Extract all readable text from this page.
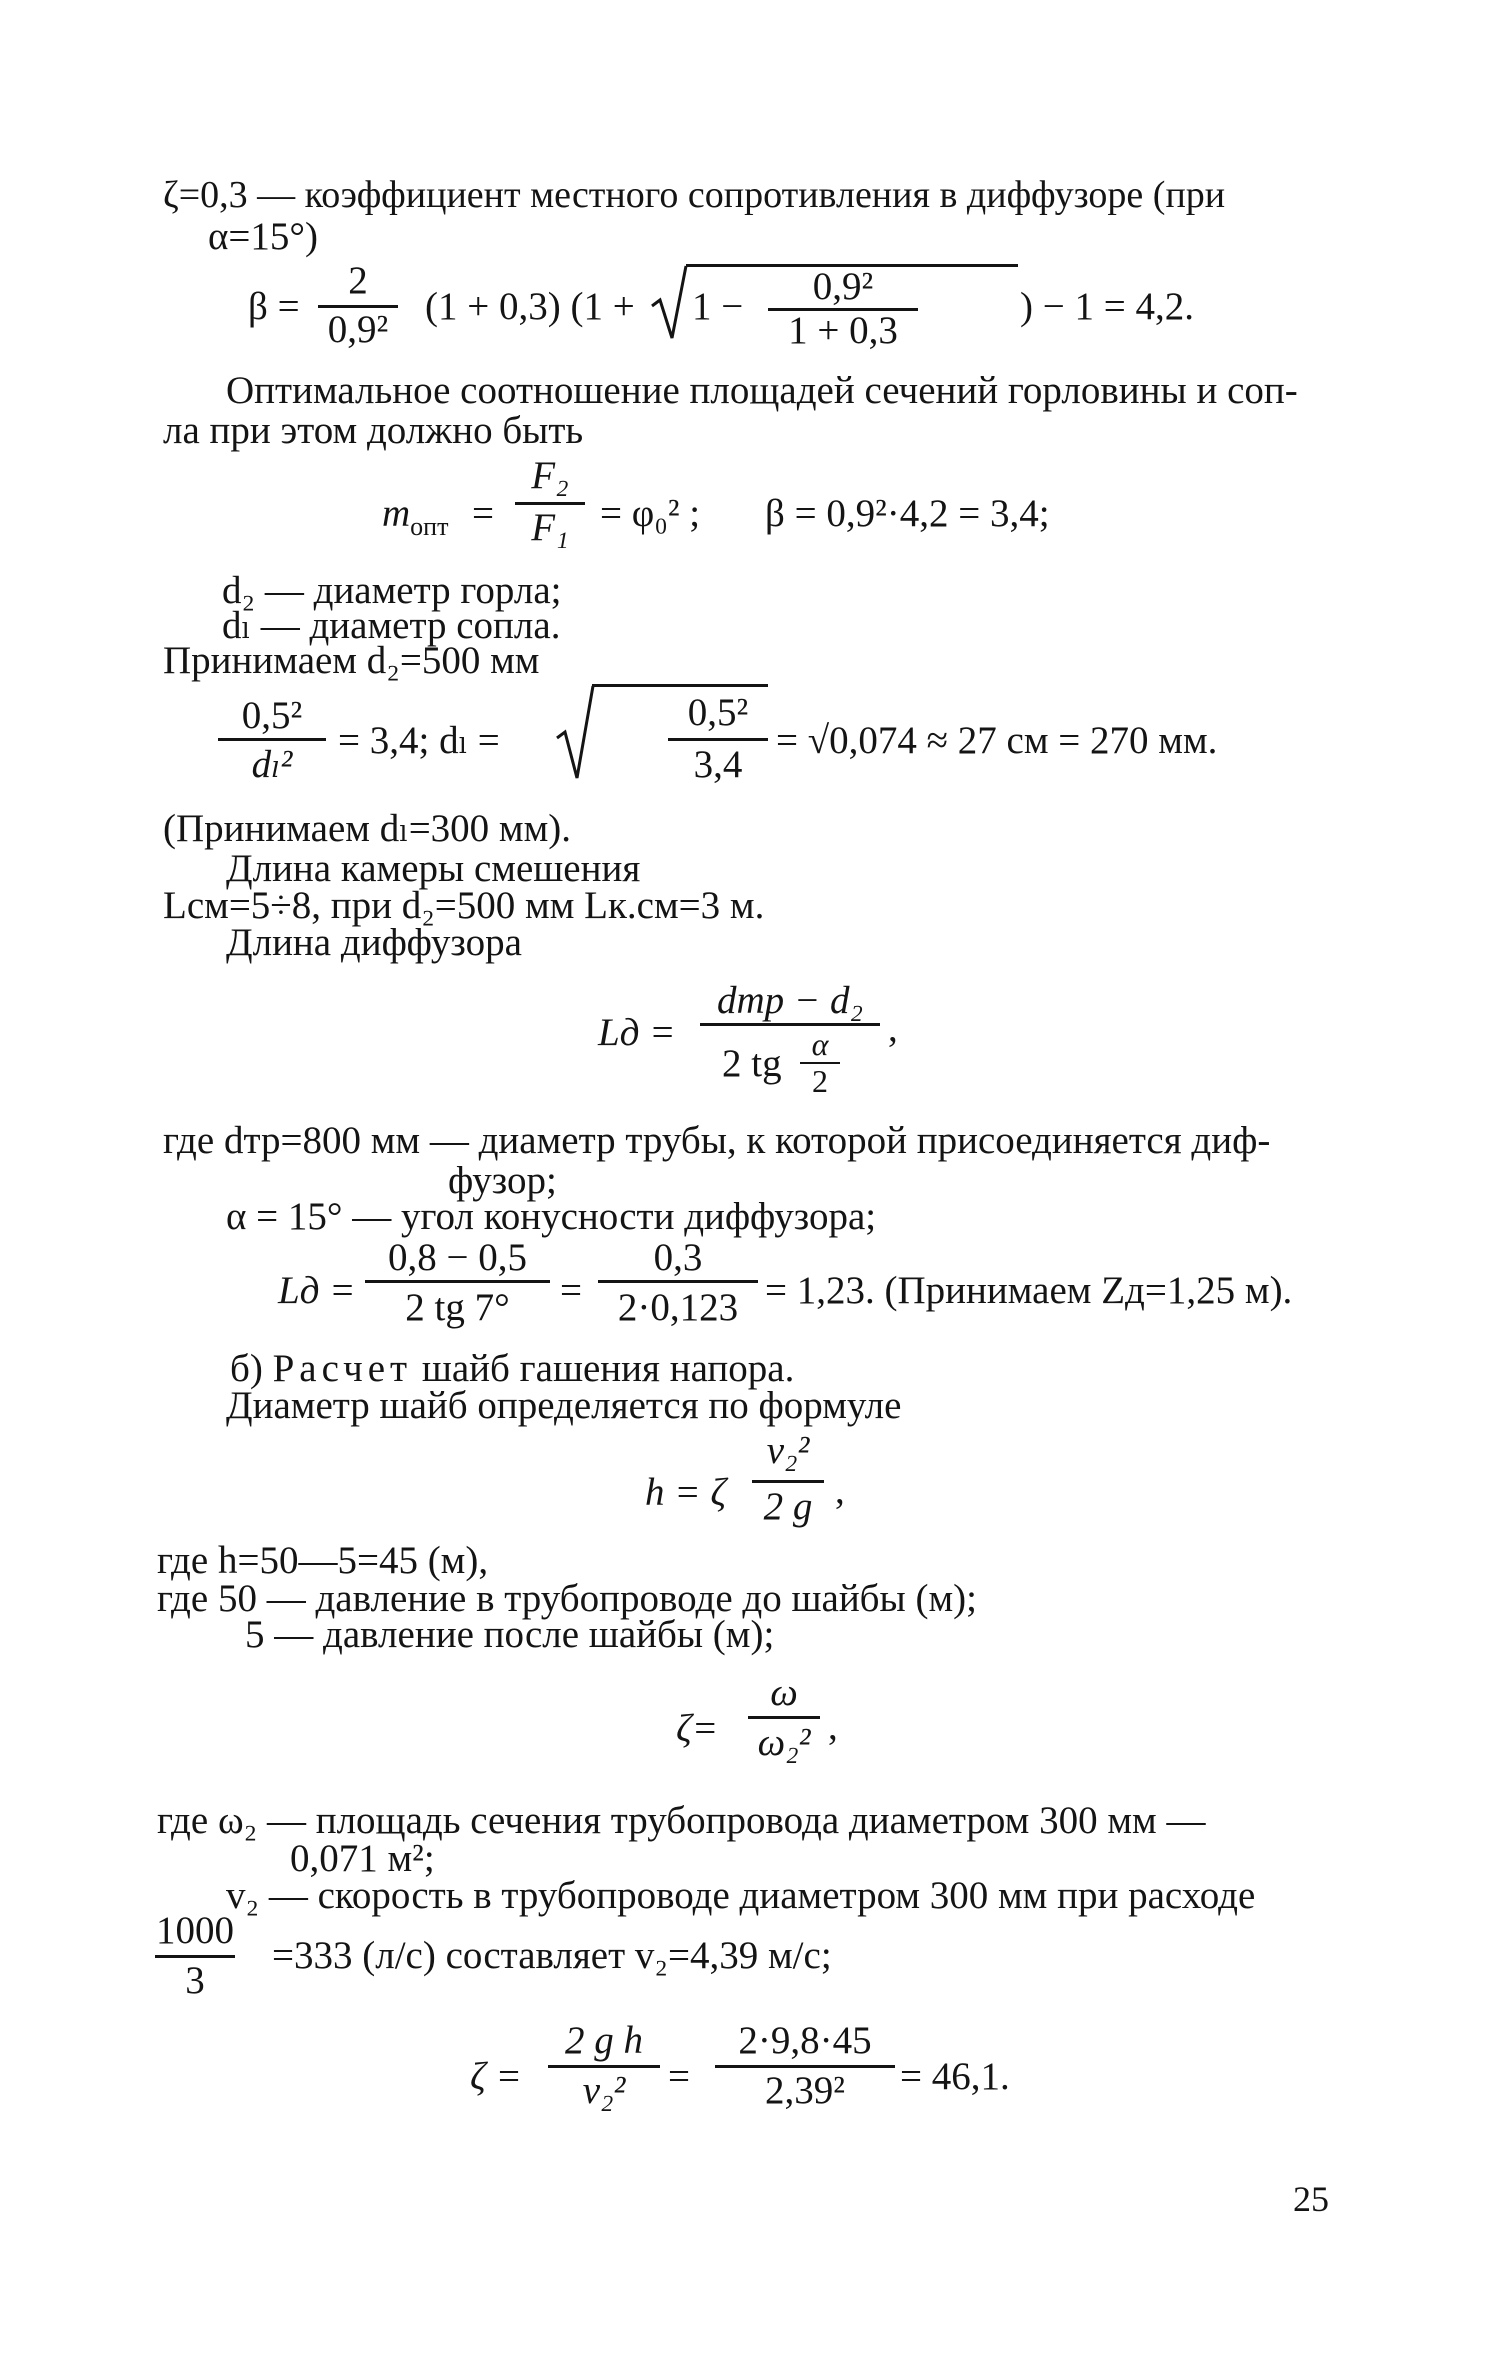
ζ=0,3 — коэффициент местного сопротивления в диффузоре (при
α=15°)
β =
2
0,9²
(1 + 0,3) (1 + 1 −	0,9²
1 + 0,3
) − 1 = 4,2.
Оптимальное соотношение площадей сечений горловины и соп-
ла при этом должно быть
$m_{опт}$ =
F₂
F₁ = φ₀² ; β = 0,9²·4,2 = 3,4;
d₂ — диаметр горла;
dₗ — диаметр сопла.
Принимаем d₂=500 мм
0,5²
dₗ²
= 3,4; dₗ =
0,5²
3,4
= √0,074 ≈ 27 см = 270 мм.
(Принимаем dₗ=300 мм).
Длина камеры смешения
Lсм=5÷8, при d₂=500 мм Lк.см=3 м.
Длина диффузора
Lд =
dтр − d₂
2 tg α
2
,
где dтр=800 мм — диаметр трубы, к которой присоединяется диф-
фузор;
α = 15° — угол конусности диффузора;
Lд =
0,8 − 0,5
2 tg 7°	=
0,3
2·0,123 = 1,23. (Принимаем Zд=1,25 м).
б) Расчет шайб гашения напора.
Диаметр шайб определяется по формуле
h = ζ
v₂²
2 g ,
где h=50—5=45 (м),
где 50 — давление в трубопроводе до шайбы (м);
5 — давление после шайбы (м);
ζ=
ω
ω₂² ,
где ω₂ — площадь сечения трубопровода диаметром 300 мм —
0,071 м²;
v₂ — скорость в трубопроводе диаметром 300 мм при расходе
1000
3
=333 (л/с) составляет v₂=4,39 м/с;
ζ =
2 g h
v₂²	=
2·9,8·45
2,39²	= 46,1.
25
